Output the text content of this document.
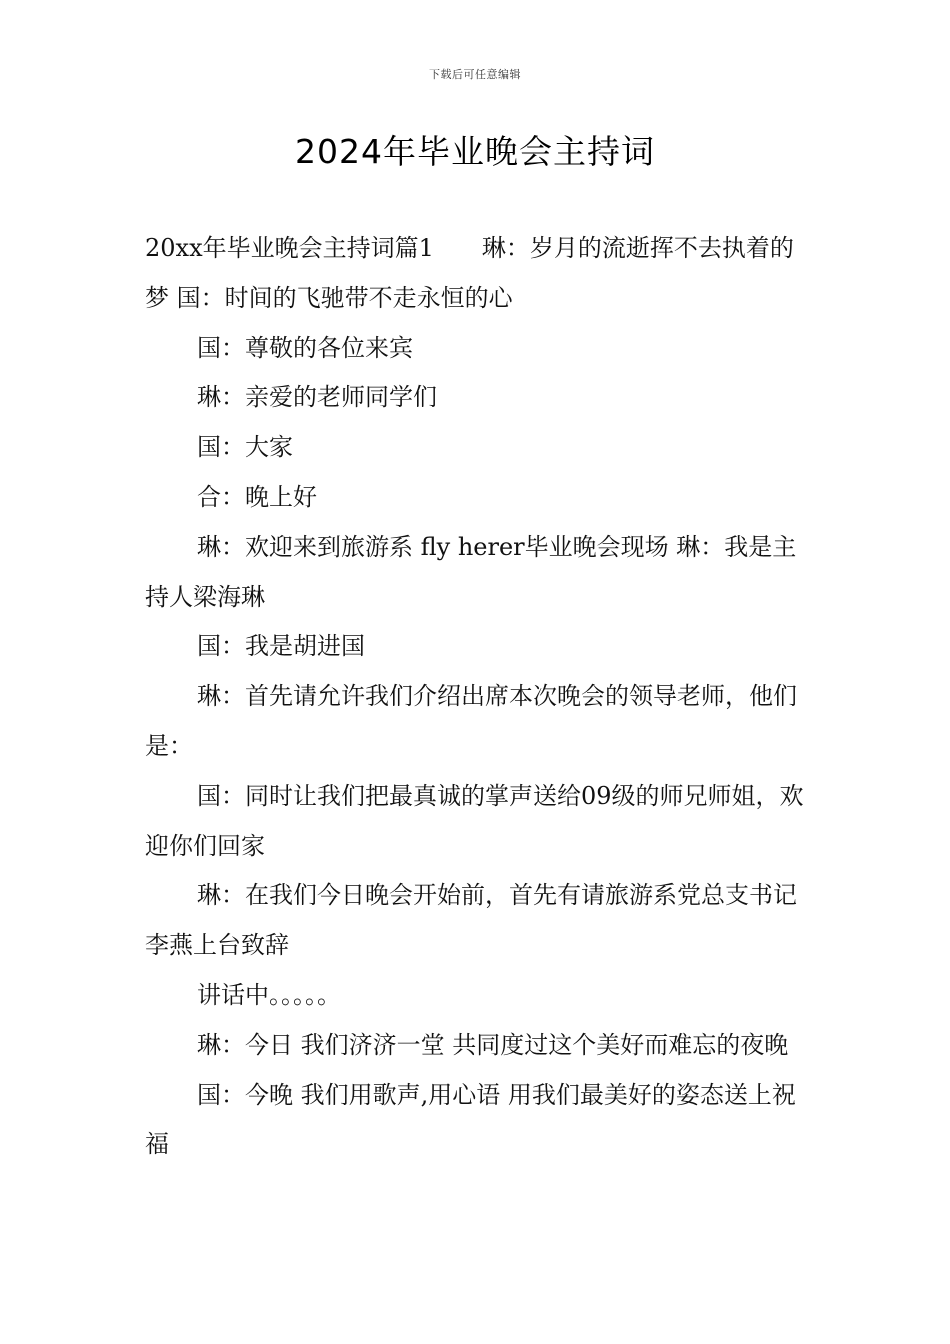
下载后可任意编辑
2024年毕业晚会主持词

20xx年毕业晚会主持词篇1　　琳：岁月的流逝挥不去执着的梦 国：时间的飞驰带不走永恒的心

国：尊敬的各位来宾

琳：亲爱的老师同学们

国：大家

合：晚上好

琳：欢迎来到旅游系 fly herer毕业晚会现场 琳：我是主持人梁海琳

国：我是胡进国

琳：首先请允许我们介绍出席本次晚会的领导老师，他们是：

国：同时让我们把最真诚的掌声送给09级的师兄师姐，欢迎你们回家

琳：在我们今日晚会开始前，首先有请旅游系党总支书记李燕上台致辞

讲话中。。。。。

琳：今日 我们济济一堂 共同度过这个美好而难忘的夜晚

国：今晚 我们用歌声,用心语 用我们最美好的姿态送上祝福
